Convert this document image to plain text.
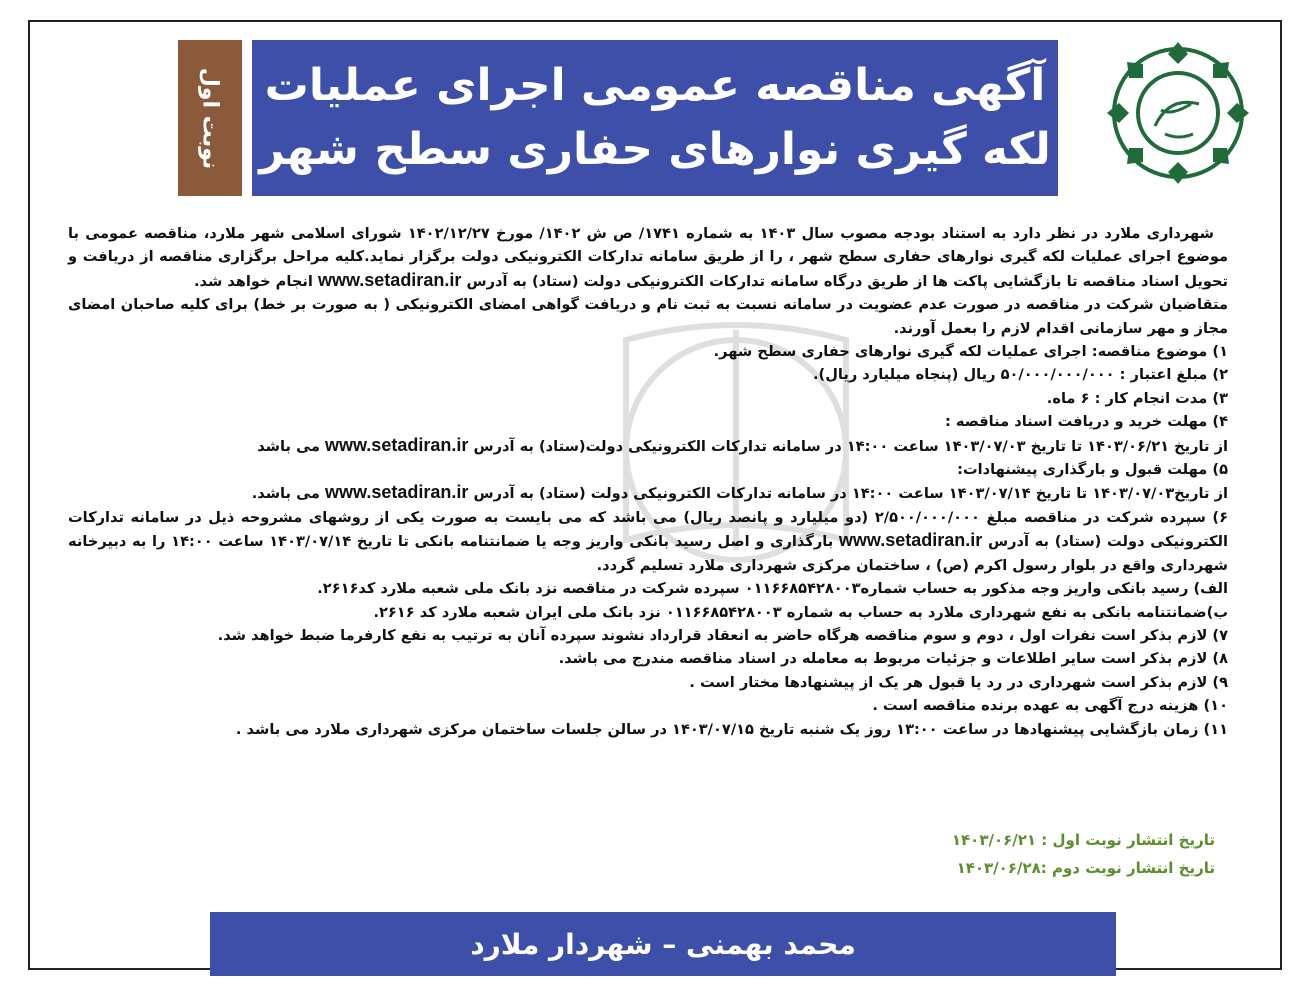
آگهی مناقصه عمومی اجرای عملیات
لکه گیری نوارهای حفاری سطح شهر
نوبت اول

شهرداری ملارد در نظر دارد به استناد بودجه مصوب سال ۱۴۰۳ به شماره ۱۷۴۱/ ص ش ۱۴۰۲/ مورخ ۱۴۰۲/۱۲/۲۷ شورای اسلامی شهر ملارد، مناقصه عمومی با موضوع اجرای عملیات لکه گیری نوارهای حفاری سطح شهر ، را از طریق سامانه تدارکات الکترونیکی دولت برگزار نماید.کلیه مراحل برگزاری مناقصه از دریافت و تحویل اسناد مناقصه تا بازگشایی پاکت ها از طریق درگاه سامانه تدارکات الکترونیکی دولت (ستاد) به آدرس www.setadiran.ir انجام خواهد شد.

متقاضیان شرکت در مناقصه در صورت عدم عضویت در سامانه نسبت به ثبت نام و دریافت گواهی امضای الکترونیکی ( به صورت بر خط) برای کلیه صاحبان امضای مجاز و مهر سازمانی اقدام لازم را بعمل آورند.

۱) موضوع مناقصه: اجرای عملیات لکه گیری نوارهای حفاری سطح شهر.

۲) مبلغ اعتبار : ۵۰/۰۰۰/۰۰۰/۰۰۰ ریال (پنجاه میلیارد ریال).

۳) مدت انجام کار : ۶ ماه.

۴) مهلت خرید و دریافت اسناد مناقصه :

از تاریخ ۱۴۰۳/۰۶/۲۱ تا تاریخ ۱۴۰۳/۰۷/۰۳ ساعت ۱۴:۰۰ در سامانه تدارکات الکترونیکی دولت(ستاد) به آدرس www.setadiran.ir می باشد

۵) مهلت قبول و بارگذاری پیشنهادات:

از تاریخ۱۴۰۳/۰۷/۰۳ تا تاریخ ۱۴۰۳/۰۷/۱۴ ساعت ۱۴:۰۰ در سامانه تدارکات الکترونیکی دولت (ستاد) به آدرس www.setadiran.ir می باشد.

۶) سپرده شرکت در مناقصه مبلغ ۲/۵۰۰/۰۰۰/۰۰۰ (دو میلیارد و پانصد ریال) می باشد که می بایست به صورت یکی از روشهای مشروحه ذیل در سامانه تدارکات الکترونیکی دولت (ستاد) به آدرس www.setadiran.ir بارگذاری و اصل رسید بانکی واریز وجه یا ضمانتنامه بانکی تا تاریخ ۱۴۰۳/۰۷/۱۴ ساعت ۱۴:۰۰ را به دبیرخانه شهرداری واقع در بلوار رسول اکرم (ص) ، ساختمان مرکزی شهرداری ملارد تسلیم گردد.

الف) رسید بانکی واریز وجه مذکور به حساب شماره۰۱۱۶۶۸۵۴۲۸۰۰۳ سپرده شرکت در مناقصه نزد بانک ملی شعبه ملارد کد۲۶۱۶.

ب)ضمانتنامه بانکی به نفع شهرداری ملارد به حساب به شماره ۰۱۱۶۶۸۵۴۲۸۰۰۳ نزد بانک ملی ایران شعبه ملارد کد ۲۶۱۶.

۷) لازم بذکر است نفرات اول ، دوم و سوم مناقصه هرگاه حاضر به انعقاد قرارداد نشوند سپرده آنان به ترتیب به نفع کارفرما ضبط خواهد شد.

۸) لازم بذکر است سایر اطلاعات و جزئیات مربوط به معامله در اسناد مناقصه مندرج می باشد.

۹) لازم بذکر است شهرداری در رد یا قبول هر یک از پیشنهادها مختار است .

۱۰) هزینه درج آگهی به عهده برنده مناقصه است .

۱۱) زمان بازگشایی پیشنهادها در ساعت ۱۳:۰۰ روز یک شنبه تاریخ ۱۴۰۳/۰۷/۱۵ در سالن جلسات ساختمان مرکزی شهرداری ملارد می باشد .

تاریخ انتشار نوبت اول : ۱۴۰۳/۰۶/۲۱
تاریخ انتشار نوبت دوم :۱۴۰۳/۰۶/۲۸
محمد بهمنی – شهردار ملارد
